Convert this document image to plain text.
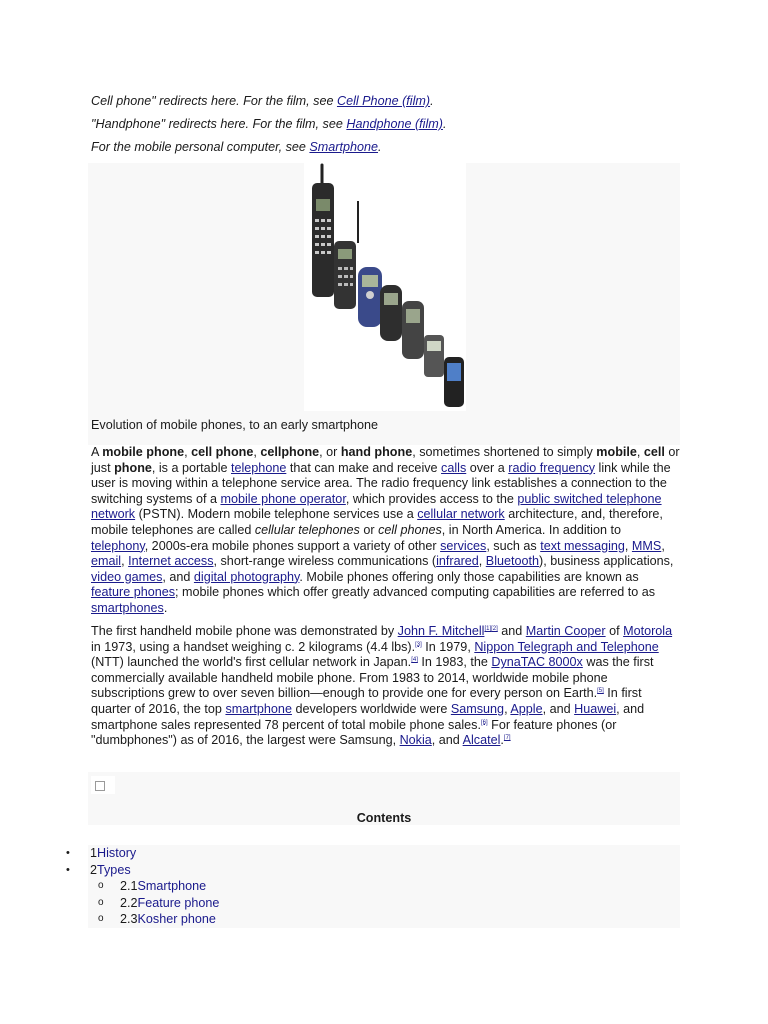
Cell phone" redirects here. For the film, see Cell Phone (film).

"Handphone" redirects here. For the film, see Handphone (film).

For the mobile personal computer, see Smartphone.

Evolution of mobile phones, to an early smartphone

A mobile phone, cell phone, cellphone, or hand phone, sometimes shortened to simply mobile, cell or just phone, is a portable telephone that can make and receive calls over a radio frequency link while the user is moving within a telephone service area. The radio frequency link establishes a connection to the switching systems of a mobile phone operator, which provides access to the public switched telephone network (PSTN). Modern mobile telephone services use a cellular network architecture, and, therefore, mobile telephones are called cellular telephones or cell phones, in North America. In addition to telephony, 2000s-era mobile phones support a variety of other services, such as text messaging, MMS, email, Internet access, short-range wireless communications (infrared, Bluetooth), business applications, video games, and digital photography. Mobile phones offering only those capabilities are known as feature phones; mobile phones which offer greatly advanced computing capabilities are referred to as smartphones.

The first handheld mobile phone was demonstrated by John F. Mitchell[1][2] and Martin Cooper of Motorola in 1973, using a handset weighing c. 2 kilograms (4.4 lbs).[3] In 1979, Nippon Telegraph and Telephone (NTT) launched the world's first cellular network in Japan.[4] In 1983, the DynaTAC 8000x was the first commercially available handheld mobile phone. From 1983 to 2014, worldwide mobile phone subscriptions grew to over seven billion—enough to provide one for every person on Earth.[5] In first quarter of 2016, the top smartphone developers worldwide were Samsung, Apple, and Huawei, and smartphone sales represented 78 percent of total mobile phone sales.[6] For feature phones (or "dumbphones") as of 2016, the largest were Samsung, Nokia, and Alcatel.[7]

Contents

• 1History
• 2Types
o 2.1Smartphone
o 2.2Feature phone
o 2.3Kosher phone
